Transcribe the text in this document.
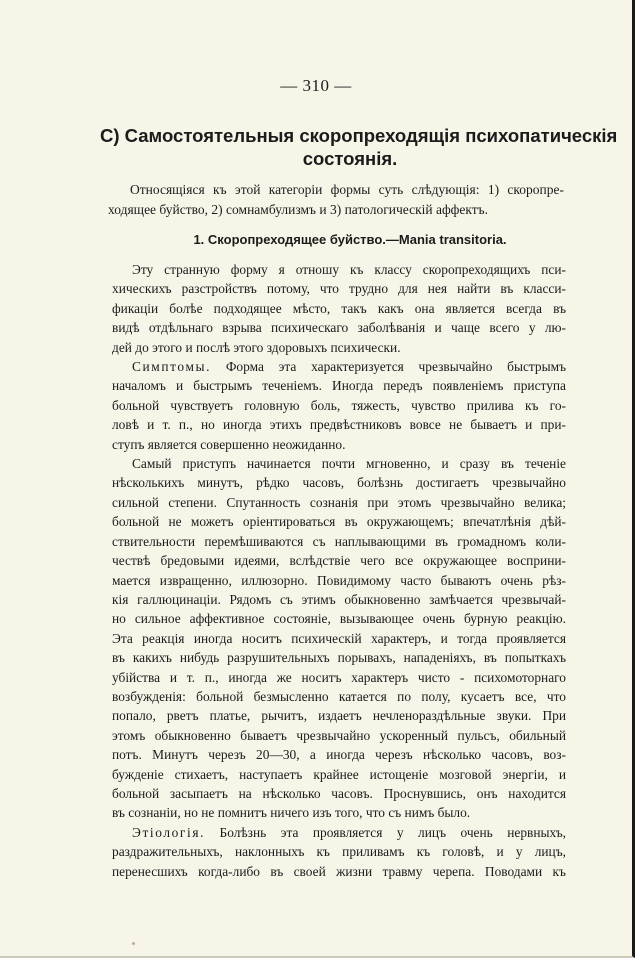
— 310 —
C) Самостоятельныя скоропреходящія психопатическія
состоянія.
Относящіяся къ этой категоріи формы суть слѣдующія: 1) скоропре-
ходящее буйство, 2) сомнамбулизмъ и 3) патологическій аффектъ.
1. Скоропреходящее буйство.—Mania transitoria.

Эту странную форму я отношу къ классу скоропреходящихъ пси-
хическихъ разстройствъ потому, что трудно для нея найти въ класси-
фикаціи болѣе подходящее мѣсто, такъ какъ она является всегда въ
видѣ отдѣльнаго взрыва психическаго заболѣванія и чаще всего у лю-
дей до этого и послѣ этого здоровыхъ психически.

Симптомы. Форма эта характеризуется чрезвычайно быстрымъ
началомъ и быстрымъ теченіемъ. Иногда передъ появленіемъ приступа
больной чувствуетъ головную боль, тяжесть, чувство прилива къ го-
ловѣ и т. п., но иногда этихъ предвѣстниковъ вовсе не бываетъ и при-
ступъ является совершенно неожиданно.

Самый приступъ начинается почти мгновенно, и сразу въ теченіе
нѣсколькихъ минутъ, рѣдко часовъ, болѣзнь достигаетъ чрезвычайно
сильной степени. Спутанность сознанія при этомъ чрезвычайно велика;
больной не можетъ оріентироваться въ окружающемъ; впечатлѣнія дѣй-
ствительности перемѣшиваются съ наплывающими въ громадномъ коли-
чествѣ бредовыми идеями, вслѣдствіе чего все окружающее восприни-
мается извращенно, иллюзорно. Повидимому часто бываютъ очень рѣз-
кія галлюцинаціи. Рядомъ съ этимъ обыкновенно замѣчается чрезвычай-
но сильное аффективное состояніе, вызывающее очень бурную реакцію.
Эта реакція иногда носитъ психическій характеръ, и тогда проявляется
въ какихъ нибудь разрушительныхъ порывахъ, нападеніяхъ, въ попыткахъ
убійства и т. п., иногда же носитъ характеръ чисто - психомоторнаго
возбужденія: больной безмысленно катается по полу, кусаетъ все, что
попало, рветъ платье, рычитъ, издаетъ нечленораздѣльные звуки. При
этомъ обыкновенно бываетъ чрезвычайно ускоренный пульсъ, обильный
потъ. Минутъ черезъ 20—30, а иногда черезъ нѣсколько часовъ, воз-
бужденіе стихаетъ, наступаетъ крайнее истощеніе мозговой энергіи, и
больной засыпаетъ на нѣсколько часовъ. Проснувшись, онъ находится
въ сознаніи, но не помнитъ ничего изъ того, что съ нимъ было.

Этіологія. Болѣзнь эта проявляется у лицъ очень нервныхъ,
раздражительныхъ, наклонныхъ къ приливамъ къ головѣ, и у лицъ,
перенесшихъ когда-либо въ своей жизни травму черепа. Поводами къ
